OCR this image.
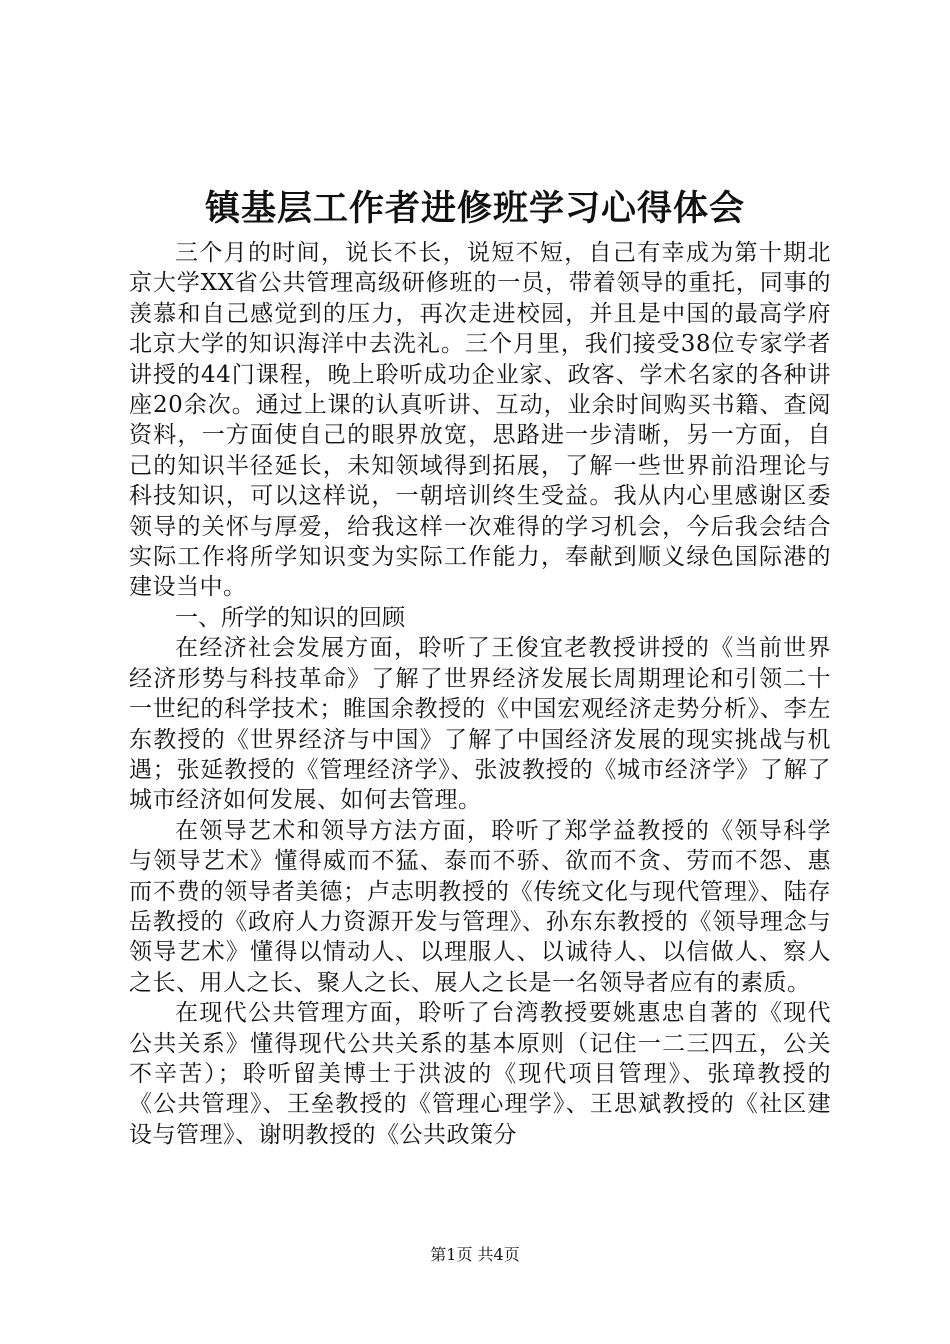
镇基层工作者进修班学习心得体会

三个月的时间，说长不长，说短不短，自己有幸成为第十期北京大学XX省公共管理高级研修班的一员，带着领导的重托，同事的羡慕和自己感觉到的压力，再次走进校园，并且是中国的最高学府北京大学的知识海洋中去洗礼。三个月里，我们接受38位专家学者讲授的44门课程，晚上聆听成功企业家、政客、学术名家的各种讲座20余次。通过上课的认真听讲、互动，业余时间购买书籍、查阅资料，一方面使自己的眼界放宽，思路进一步清晰，另一方面，自己的知识半径延长，未知领域得到拓展，了解一些世界前沿理论与科技知识，可以这样说，一朝培训终生受益。我从内心里感谢区委领导的关怀与厚爱，给我这样一次难得的学习机会，今后我会结合实际工作将所学知识变为实际工作能力，奉献到顺义绿色国际港的建设当中。

一、所学的知识的回顾

在经济社会发展方面，聆听了王俊宜老教授讲授的《当前世界经济形势与科技革命》了解了世界经济发展长周期理论和引领二十一世纪的科学技术；睢国余教授的《中国宏观经济走势分析》、李左东教授的《世界经济与中国》了解了中国经济发展的现实挑战与机遇；张延教授的《管理经济学》、张波教授的《城市经济学》了解了城市经济如何发展、如何去管理。

在领导艺术和领导方法方面，聆听了郑学益教授的《领导科学与领导艺术》懂得威而不猛、泰而不骄、欲而不贪、劳而不怨、惠而不费的领导者美德；卢志明教授的《传统文化与现代管理》、陆存岳教授的《政府人力资源开发与管理》、孙东东教授的《领导理念与领导艺术》懂得以情动人、以理服人、以诚待人、以信做人、察人之长、用人之长、聚人之长、展人之长是一名领导者应有的素质。

在现代公共管理方面，聆听了台湾教授要姚惠忠自著的《现代公共关系》懂得现代公共关系的基本原则（记住一二三四五，公关不辛苦）；聆听留美博士于洪波的《现代项目管理》、张璋教授的《公共管理》、王垒教授的《管理心理学》、王思斌教授的《社区建设与管理》、谢明教授的《公共政策分

第1页 共4页
